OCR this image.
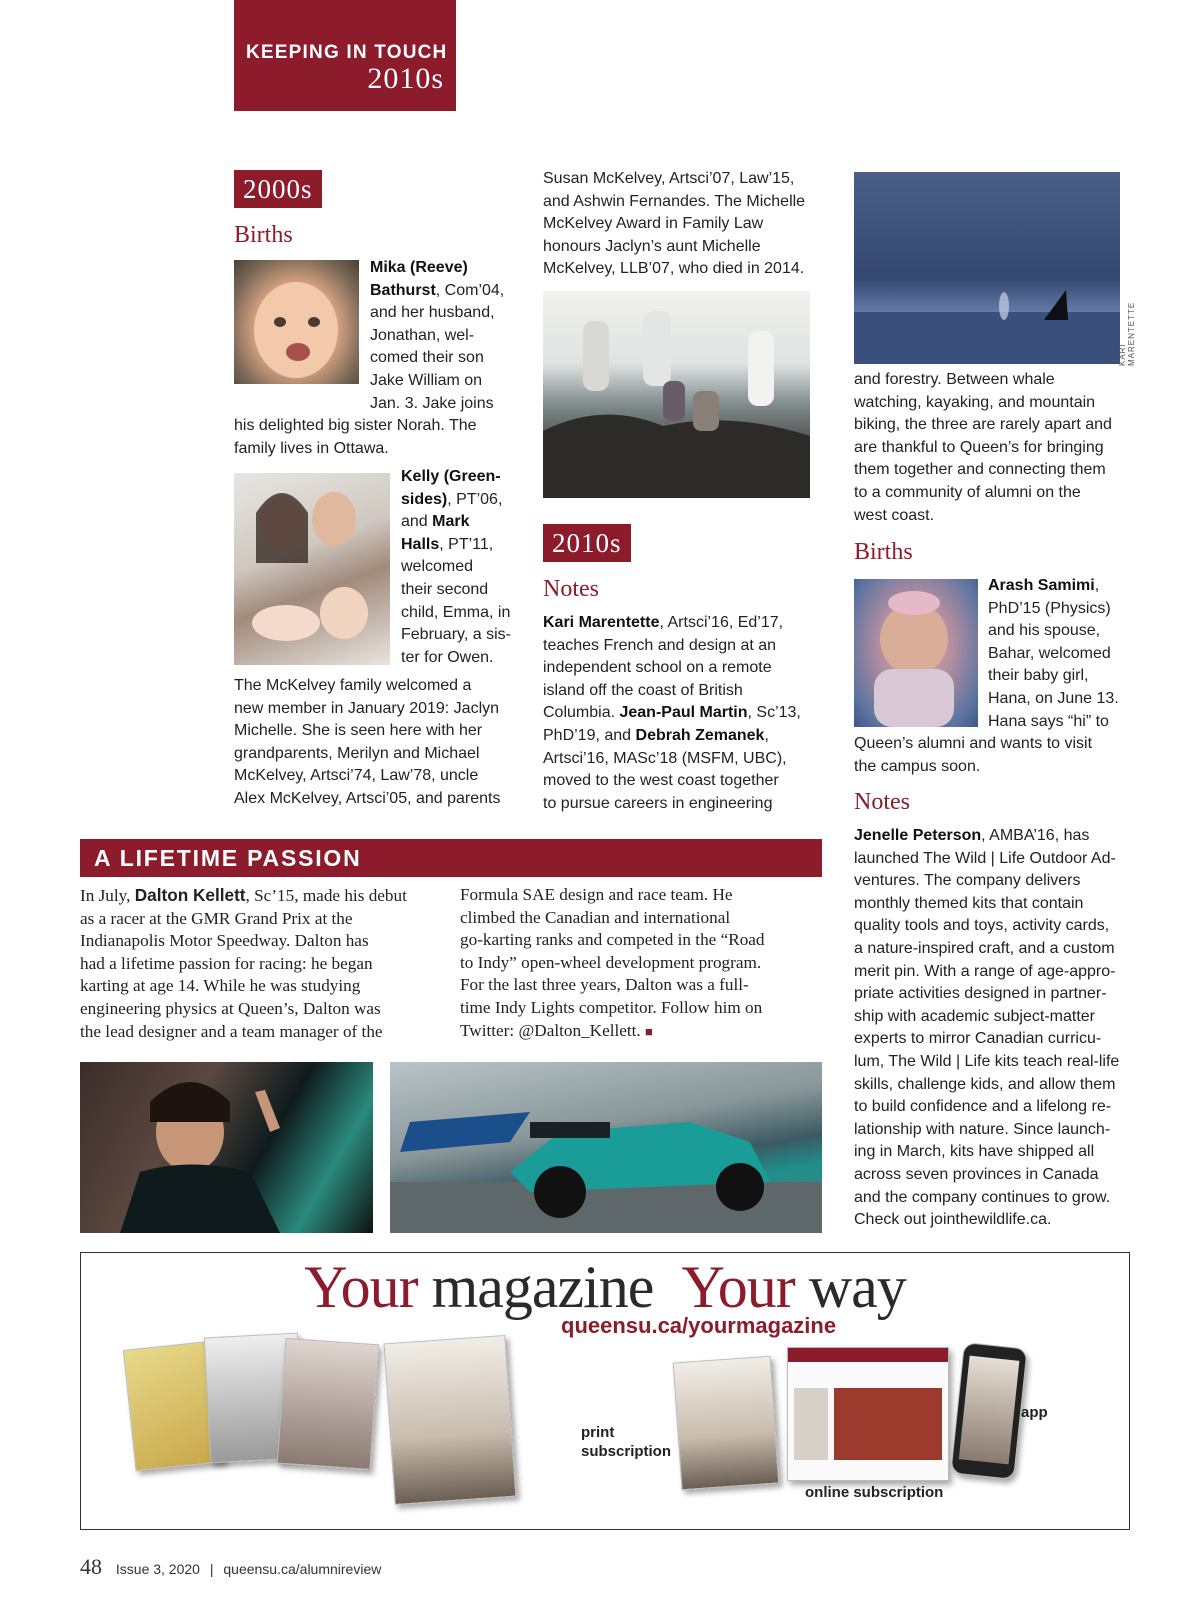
KEEPING IN TOUCH
2010s
2000s
Births
Mika (Reeve)
Bathurst, Com’04,
and her husband,
Jonathan, wel-
comed their son
Jake William on
Jan. 3. Jake joins
his delighted big sister Norah. The
family lives in Ottawa.
Kelly (Green-
sides), PT’06,
and Mark
Halls, PT’11,
welcomed
their second
child, Emma, in
February, a sis-
ter for Owen.
The McKelvey family welcomed a
new member in January 2019: Jaclyn
Michelle. She is seen here with her
grandparents, Merilyn and Michael
McKelvey, Artsci’74, Law’78, uncle
Alex McKelvey, Artsci’05, and parents
Susan McKelvey, Artsci’07, Law’15,
and Ashwin Fernandes. The Michelle
McKelvey Award in Family Law
honours Jaclyn’s aunt Michelle
McKelvey, LLB’07, who died in 2014.
2010s
Notes
Kari Marentette, Artsci’16, Ed’17,
teaches French and design at an
independent school on a remote
island off the coast of British
Columbia. Jean-Paul Martin, Sc’13,
PhD’19, and Debrah Zemanek,
Artsci’16, MASc’18 (MSFM, UBC),
moved to the west coast together
to pursue careers in engineering
KARI MARENTETTE
and forestry. Between whale
watching, kayaking, and mountain
biking, the three are rarely apart and
are thankful to Queen’s for bringing
them together and connecting them
to a community of alumni on the
west coast.
Births
Arash Samimi,
PhD’15 (Physics)
and his spouse,
Bahar, welcomed
their baby girl,
Hana, on June 13.
Hana says “hi” to
Queen’s alumni and wants to visit
the campus soon.
Notes
Jenelle Peterson, AMBA’16, has
launched The Wild | Life Outdoor Ad-
ventures. The company delivers
monthly themed kits that contain
quality tools and toys, activity cards,
a nature-inspired craft, and a custom
merit pin. With a range of age-appro-
priate activities designed in partner-
ship with academic subject-matter
experts to mirror Canadian curricu-
lum, The Wild | Life kits teach real-life
skills, challenge kids, and allow them
to build confidence and a lifelong re-
lationship with nature. Since launch-
ing in March, kits have shipped all
across seven provinces in Canada
and the company continues to grow.
Check out jointhewildlife.ca.
A LIFETIME PASSION
In July, Dalton Kellett, Sc’15, made his debut
as a racer at the GMR Grand Prix at the
Indianapolis Motor Speedway. Dalton has
had a lifetime passion for racing: he began
karting at age 14. While he was studying
engineering physics at Queen’s, Dalton was
the lead designer and a team manager of the
Formula SAE design and race team. He
climbed the Canadian and international
go-karting ranks and competed in the “Road
to Indy” open-wheel development program.
For the last three years, Dalton was a full-
time Indy Lights competitor. Follow him on
Twitter: @Dalton_Kellett. ■
Your magazine Your way
queensu.ca/yourmagazine
print
subscription
online subscription
app
48 Issue 3, 2020 | queensu.ca/alumnireview
